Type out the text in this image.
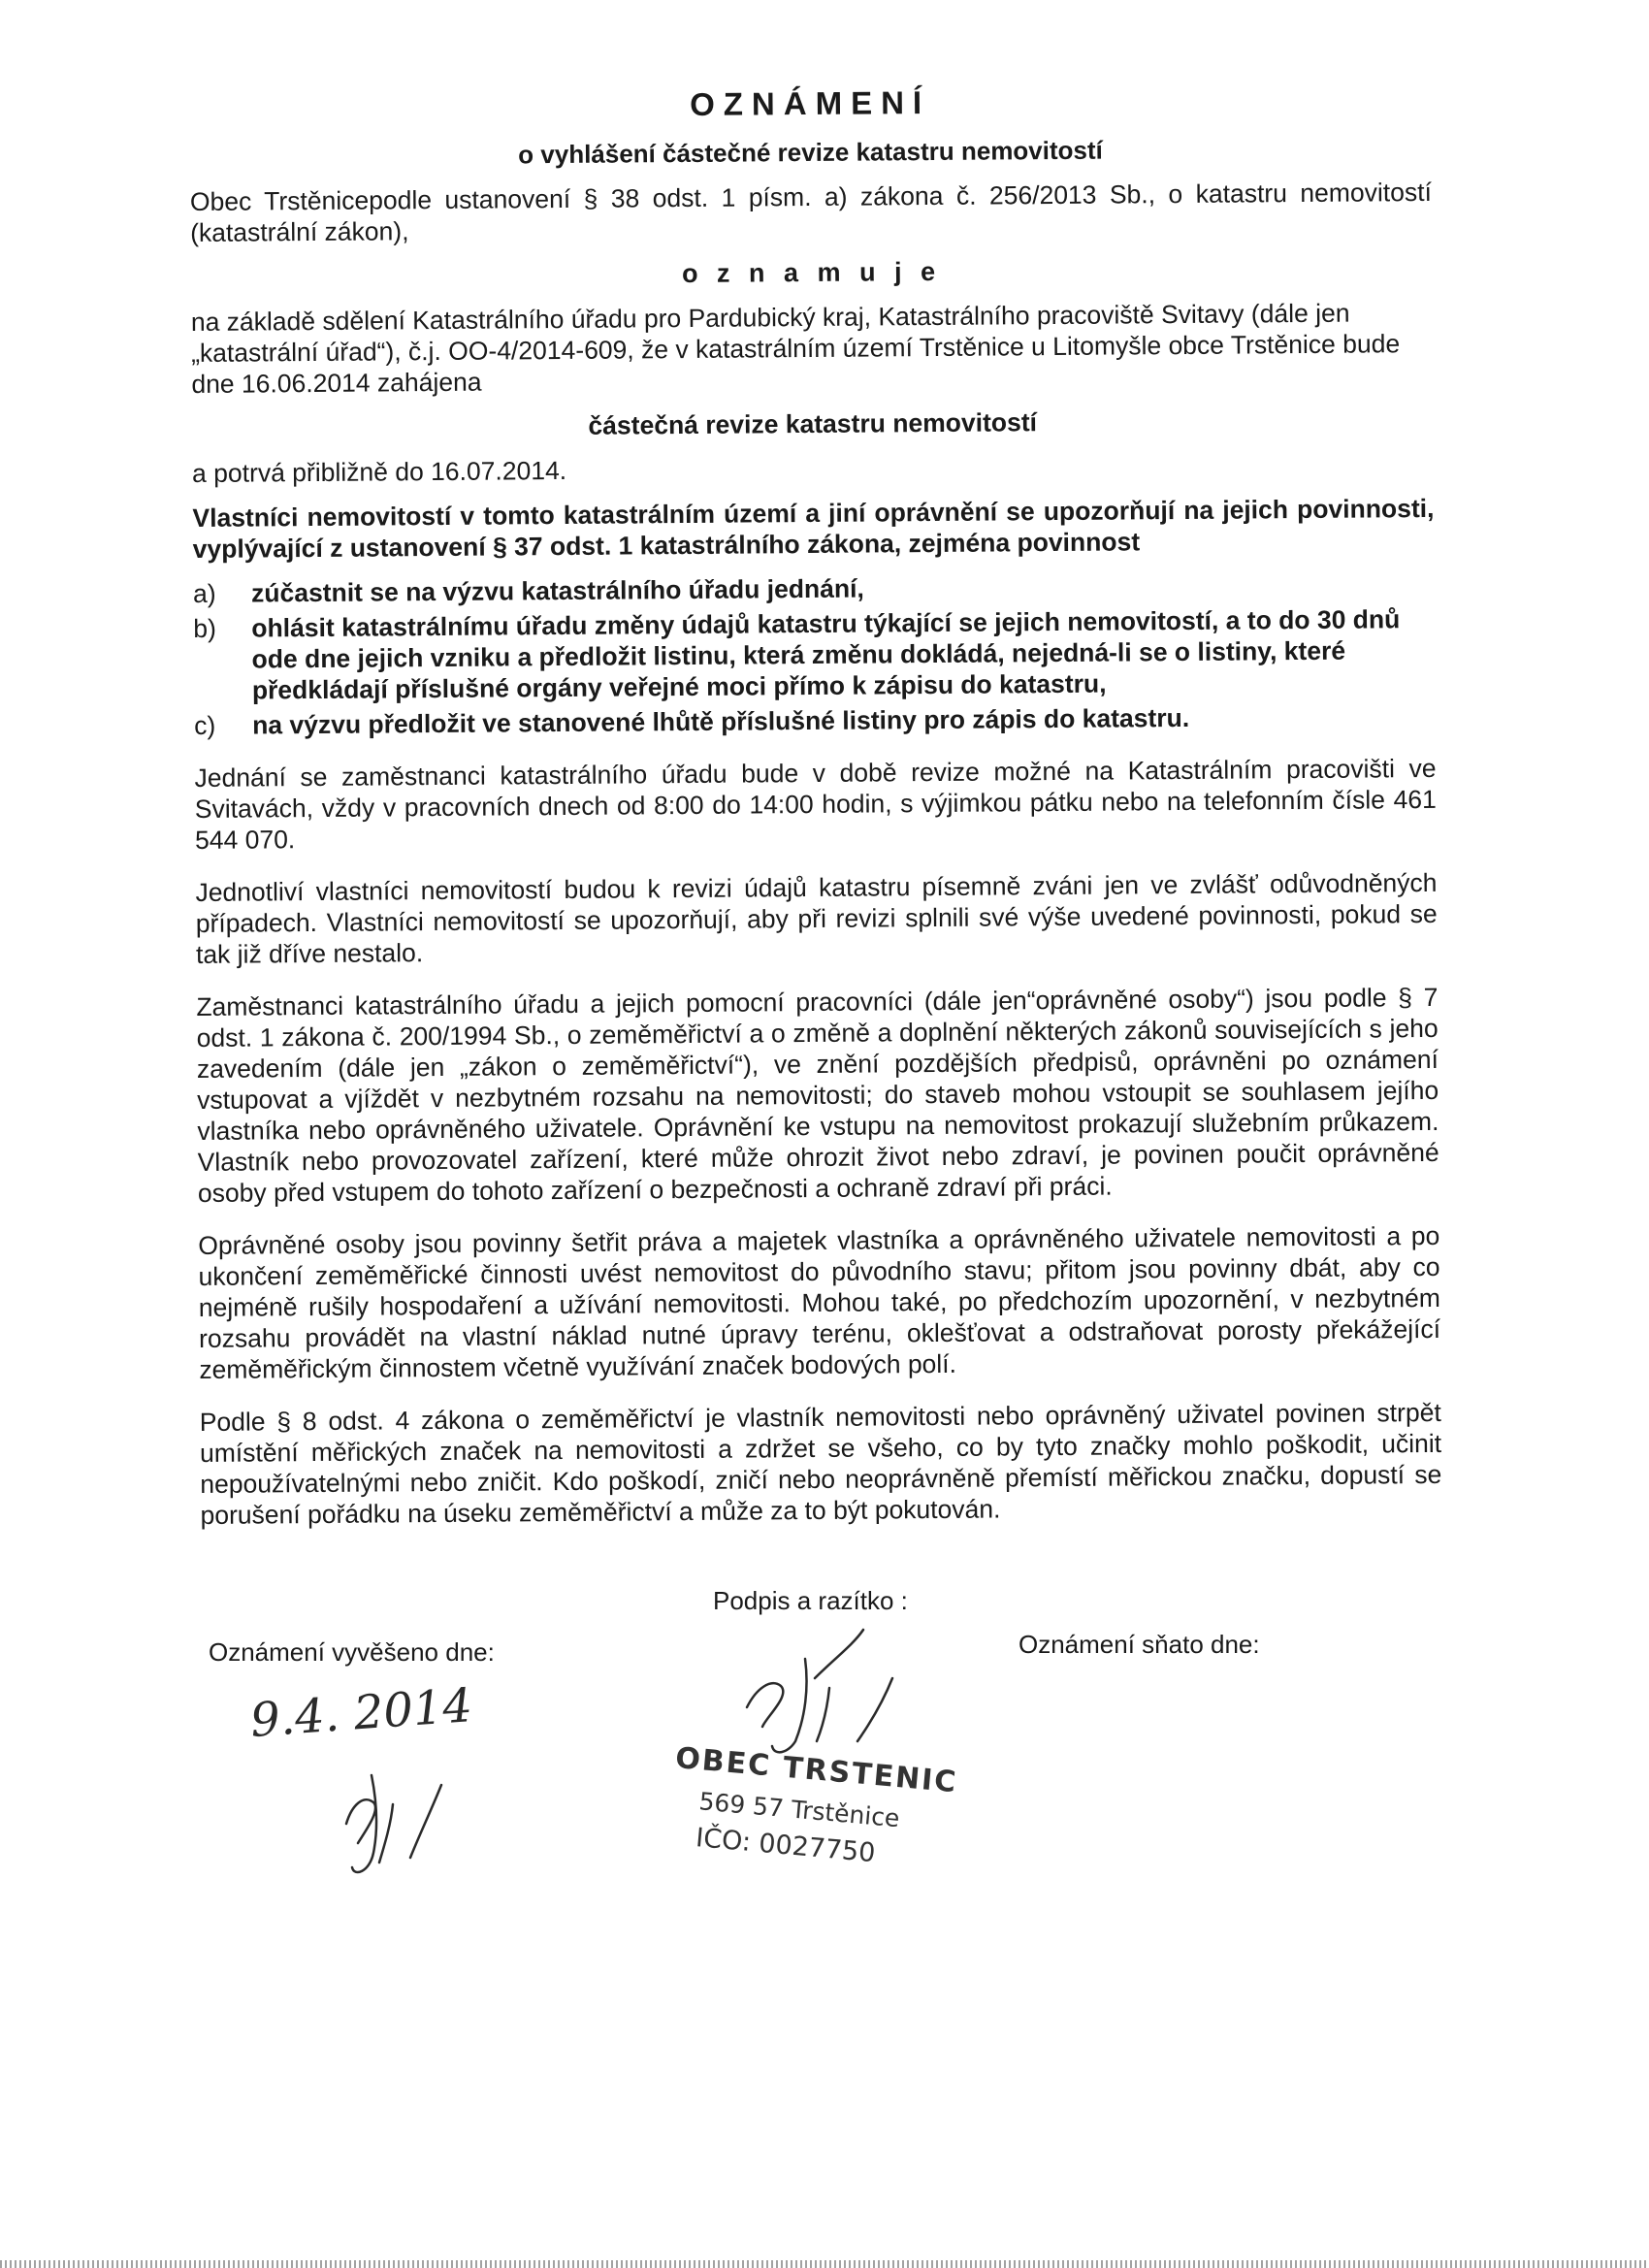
OZNÁMENÍ
o vyhlášení částečné revize katastru nemovitostí

Obec Trstěnicepodle ustanovení § 38 odst. 1 písm. a) zákona č. 256/2013 Sb., o katastru nemovitostí (katastrální zákon),

o z n a m u j e

na základě sdělení Katastrálního úřadu pro Pardubický kraj, Katastrálního pracoviště Svitavy (dále jen „katastrální úřad“), č.j. OO-4/2014-609, že v katastrálním území Trstěnice u Litomyšle obce Trstěnice bude dne 16.06.2014 zahájena

částečná revize katastru nemovitostí

a potrvá přibližně do 16.07.2014.

Vlastníci nemovitostí v tomto katastrálním území a jiní oprávnění se upozorňují na jejich povinnosti, vyplývající z ustanovení § 37 odst. 1 katastrálního zákona, zejména povinnost

a)	zúčastnit se na výzvu katastrálního úřadu jednání,
b)	ohlásit katastrálnímu úřadu změny údajů katastru týkající se jejich nemovitostí, a to do 30 dnů ode dne jejich vzniku a předložit listinu, která změnu dokládá, nejedná-li se o listiny, které předkládají příslušné orgány veřejné moci přímo k zápisu do katastru,
c)	na výzvu předložit ve stanovené lhůtě příslušné listiny pro zápis do katastru.

Jednání se zaměstnanci katastrálního úřadu bude v době revize možné na Katastrálním pracovišti ve Svitavách, vždy v pracovních dnech od 8:00 do 14:00 hodin, s výjimkou pátku nebo na telefonním čísle 461 544 070.

Jednotliví vlastníci nemovitostí budou k revizi údajů katastru písemně zváni jen ve zvlášť odůvodněných případech. Vlastníci nemovitostí se upozorňují, aby při revizi splnili své výše uvedené povinnosti, pokud se tak již dříve nestalo.

Zaměstnanci katastrálního úřadu a jejich pomocní pracovníci (dále jen“oprávněné osoby“) jsou podle § 7 odst. 1 zákona č. 200/1994 Sb., o zeměměřictví a o změně a doplnění některých zákonů souvisejících s jeho zavedením (dále jen „zákon o zeměměřictví“), ve znění pozdějších předpisů, oprávněni po oznámení vstupovat a vjíždět v nezbytném rozsahu na nemovitosti; do staveb mohou vstoupit se souhlasem jejího vlastníka nebo oprávněného uživatele. Oprávnění ke vstupu na nemovitost prokazují služebním průkazem. Vlastník nebo provozovatel zařízení, které může ohrozit život nebo zdraví, je povinen poučit oprávněné osoby před vstupem do tohoto zařízení o bezpečnosti a ochraně zdraví při práci.

Oprávněné osoby jsou povinny šetřit práva a majetek vlastníka a oprávněného uživatele nemovitosti a po ukončení zeměměřické činnosti uvést nemovitost do původního stavu; přitom jsou povinny dbát, aby co nejméně rušily hospodaření a užívání nemovitosti. Mohou také, po předchozím upozornění, v nezbytném rozsahu provádět na vlastní náklad nutné úpravy terénu, oklešťovat a odstraňovat porosty překážející zeměměřickým činnostem včetně využívání značek bodových polí.

Podle § 8 odst. 4 zákona o zeměměřictví je vlastník nemovitosti nebo oprávněný uživatel povinen strpět umístění měřických značek na nemovitosti a zdržet se všeho, co by tyto značky mohlo poškodit, učinit nepoužívatelnými nebo zničit. Kdo poškodí, zničí nebo neoprávněně přemístí měřickou značku, dopustí se porušení pořádku na úseku zeměměřictví a může za to být pokutován.

Podpis a razítko :
Oznámení vyvěšeno dne:	Oznámení sňato dne:
9.4. 2014
OBEC TRSTENIC
569 57 Trstěnice
IČO: 0027750
